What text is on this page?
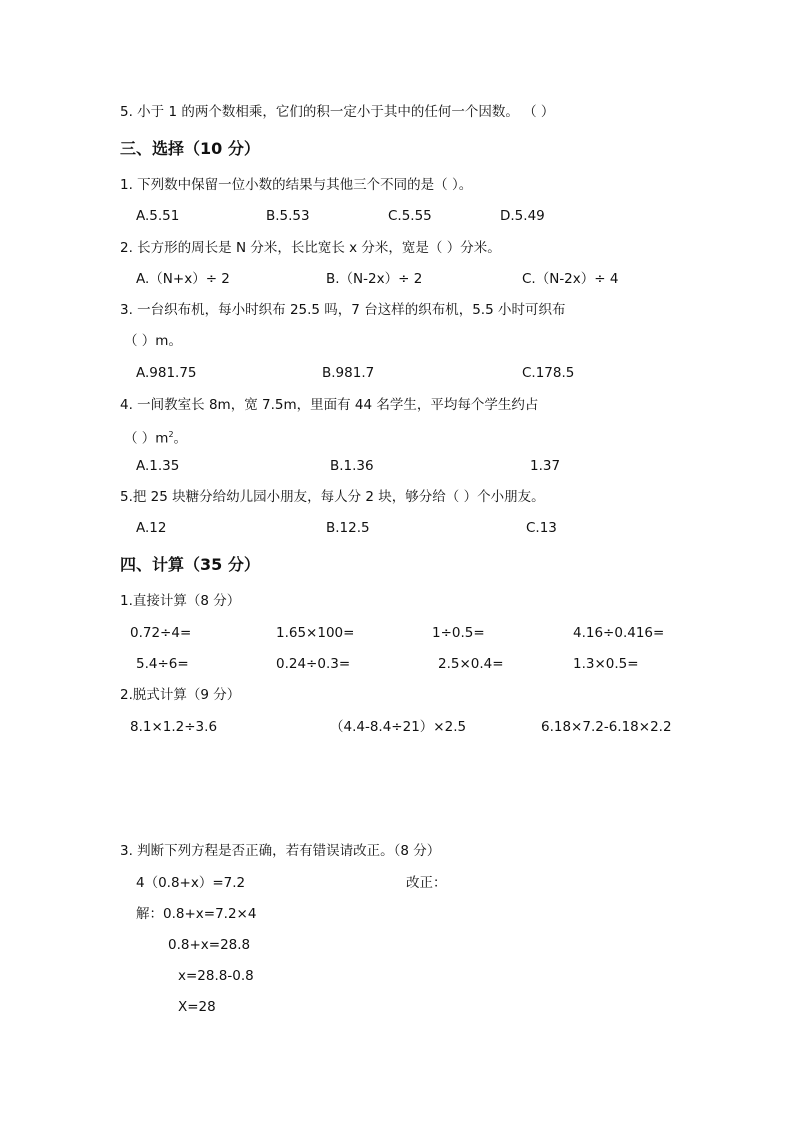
5. 小于 1 的两个数相乘，它们的积一定小于其中的任何一个因数。 （ ）
三、选择（10 分）
1. 下列数中保留一位小数的结果与其他三个不同的是（ ）。
A.5.51	B.5.53	C.5.55	D.5.49
2. 长方形的周长是 N 分米，长比宽长 x 分米，宽是（ ）分米。
A.（N+x）÷ 2	B.（N-2x）÷ 2	C.（N-2x）÷ 4
3. 一台织布机，每小时织布 25.5 吗，7 台这样的织布机，5.5 小时可织布
（ ）m。
A.981.75	B.981.7	C.178.5
4. 一间教室长 8m，宽 7.5m，里面有 44 名学生，平均每个学生约占
（ ）$m^2$。
A.1.35	B.1.36	1.37
5.把 25 块糖分给幼儿园小朋友，每人分 2 块，够分给（ ）个小朋友。
A.12	B.12.5	C.13
四、计算（35 分）
1.直接计算（8 分）
0.72÷4=	1.65×100=	1÷0.5=	4.16÷0.416=
5.4÷6=	0.24÷0.3=	2.5×0.4=	1.3×0.5=
2.脱式计算（9 分）
8.1×1.2÷3.6	（4.4-8.4÷21）×2.5	6.18×7.2-6.18×2.2
3. 判断下列方程是否正确，若有错误请改正。（8 分）
4（0.8+x）=7.2	改正：
解：0.8+x=7.2×4
0.8+x=28.8
x=28.8-0.8
X=28
